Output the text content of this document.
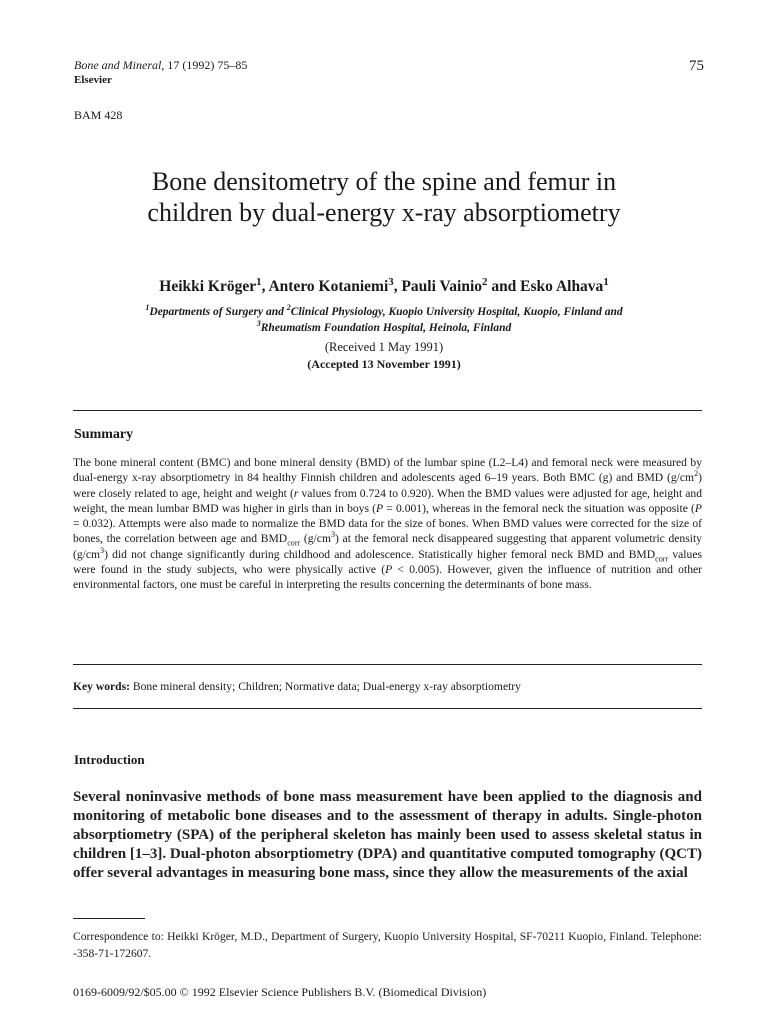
Bone and Mineral, 17 (1992) 75–85	75
Elsevier
BAM 428
Bone densitometry of the spine and femur in
children by dual-energy x-ray absorptiometry
Heikki Kröger$^1$, Antero Kotaniemi$^3$, Pauli Vainio$^2$ and Esko Alhava$^1$
$^1$Departments of Surgery and $^2$Clinical Physiology, Kuopio University Hospital, Kuopio, Finland and
$^3$Rheumatism Foundation Hospital, Heinola, Finland
(Received 1 May 1991)
(Accepted 13 November 1991)
Summary

The bone mineral content (BMC) and bone mineral density (BMD) of the lumbar spine (L2–L4) and femoral neck were measured by dual-energy x-ray absorptiometry in 84 healthy Finnish children and adolescents aged 6–19 years. Both BMC (g) and BMD $(g/cm^2)$ were closely related to age, height and weight (r values from 0.724 to 0.920). When the BMD values were adjusted for age, height and weight, the mean lumbar BMD was higher in girls than in boys (P = 0.001), whereas in the femoral neck the situation was opposite (P = 0.032). Attempts were also made to normalize the BMD data for the size of bones. When BMD values were corrected for the size of bones, the correlation between age and $BMD_{corr}$ $(g/cm^3)$ at the femoral neck disappeared suggesting that apparent volumetric density $(g/cm^3)$ did not change significantly during childhood and adolescence. Statistically higher femoral neck BMD and $BMD_{corr}$ values were found in the study subjects, who were physically active (P < 0.005). However, given the influence of nutrition and other environmental factors, one must be careful in interpreting the results concerning the determinants of bone mass.

Key words: Bone mineral density; Children; Normative data; Dual-energy x-ray absorptiometry
Introduction

Several noninvasive methods of bone mass measurement have been applied to the diagnosis and monitoring of metabolic bone diseases and to the assessment of therapy in adults. Single-photon absorptiometry (SPA) of the peripheral skeleton has mainly been used to assess skeletal status in children [1–3]. Dual-photon absorptiometry (DPA) and quantitative computed tomography (QCT) offer several advantages in measuring bone mass, since they allow the measurements of the axial

Correspondence to: Heikki Kröger, M.D., Department of Surgery, Kuopio University Hospital, SF-70211 Kuopio, Finland. Telephone: -358-71-172607.

0169-6009/92/$05.00 © 1992 Elsevier Science Publishers B.V. (Biomedical Division)
